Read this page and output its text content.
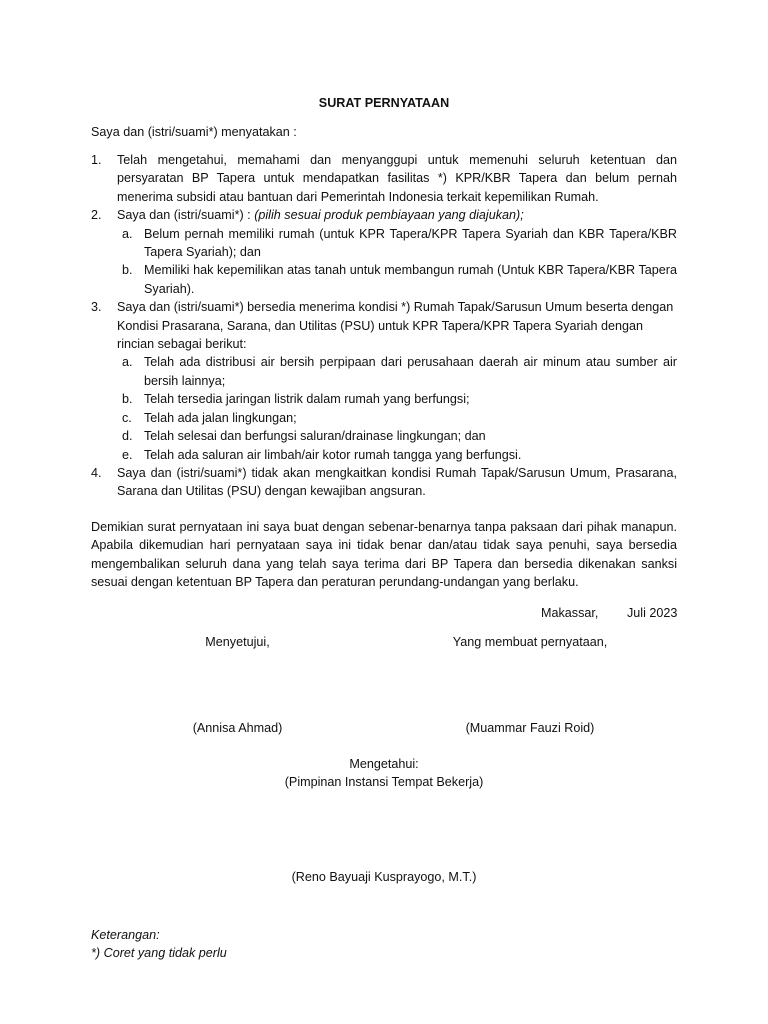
SURAT PERNYATAAN
Saya dan (istri/suami*) menyatakan :
1.	Telah mengetahui, memahami dan menyanggupi untuk memenuhi seluruh ketentuan dan persyaratan BP Tapera untuk mendapatkan fasilitas *) KPR/KBR Tapera dan belum pernah menerima subsidi atau bantuan dari Pemerintah Indonesia terkait kepemilikan Rumah.
2.	Saya dan (istri/suami*) : (pilih sesuai produk pembiayaan yang diajukan);
a. Belum pernah memiliki rumah (untuk KPR Tapera/KPR Tapera Syariah dan KBR Tapera/KBR Tapera Syariah); dan
b. Memiliki hak kepemilikan atas tanah untuk membangun rumah (Untuk KBR Tapera/KBR Tapera Syariah).
3.	Saya dan (istri/suami*) bersedia menerima kondisi *) Rumah Tapak/Sarusun Umum beserta dengan Kondisi Prasarana, Sarana, dan Utilitas (PSU) untuk KPR Tapera/KPR Tapera Syariah dengan rincian sebagai berikut:
a. Telah ada distribusi air bersih perpipaan dari perusahaan daerah air minum atau sumber air bersih lainnya;
b. Telah tersedia jaringan listrik dalam rumah yang berfungsi;
c. Telah ada jalan lingkungan;
d. Telah selesai dan berfungsi saluran/drainase lingkungan; dan
e. Telah ada saluran air limbah/air kotor rumah tangga yang berfungsi.
4.	Saya dan (istri/suami*) tidak akan mengkaitkan kondisi Rumah Tapak/Sarusun Umum, Prasarana, Sarana dan Utilitas (PSU) dengan kewajiban angsuran.
Demikian surat pernyataan ini saya buat dengan sebenar-benarnya tanpa paksaan dari pihak manapun. Apabila dikemudian hari pernyataan saya ini tidak benar dan/atau tidak saya penuhi, saya bersedia mengembalikan seluruh dana yang telah saya terima dari BP Tapera dan bersedia dikenakan sanksi sesuai dengan ketentuan BP Tapera dan peraturan perundang-undangan yang berlaku.
Makassar, Juli 2023
Menyetujui,	Yang membuat pernyataan,
(Annisa Ahmad)	(Muammar Fauzi Roid)
Mengetahui:
(Pimpinan Instansi Tempat Bekerja)
(Reno Bayuaji Kusprayogo, M.T.)
Keterangan:
*) Coret yang tidak perlu
